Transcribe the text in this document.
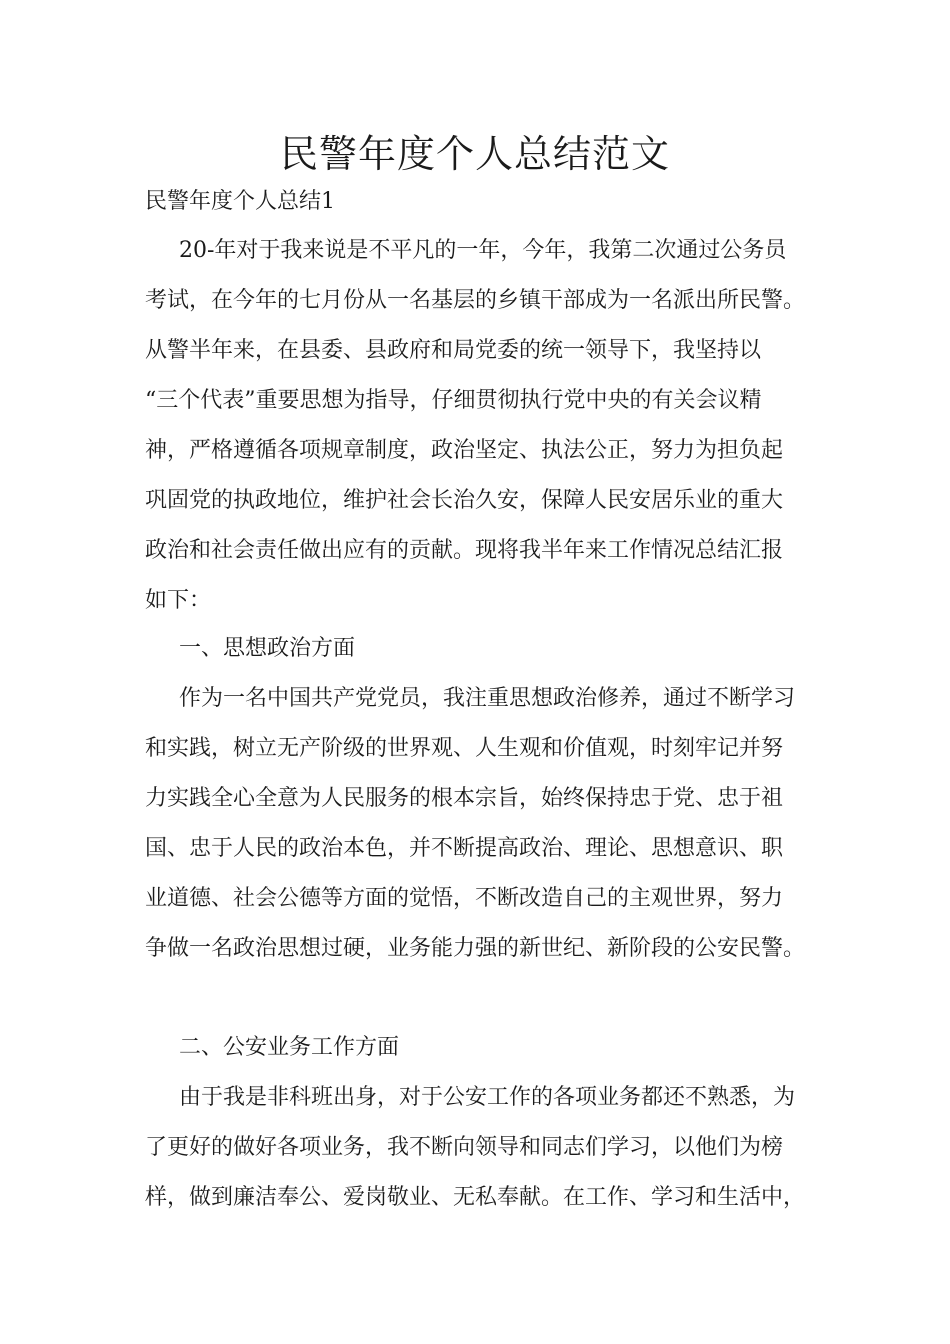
民警年度个人总结范文

民警年度个人总结1

20-年对于我来说是不平凡的一年，今年，我第二次通过公务员

考试，在今年的七月份从一名基层的乡镇干部成为一名派出所民警。

从警半年来，在县委、县政府和局党委的统一领导下，我坚持以

“三个代表”重要思想为指导，仔细贯彻执行党中央的有关会议精

神，严格遵循各项规章制度，政治坚定、执法公正，努力为担负起

巩固党的执政地位，维护社会长治久安，保障人民安居乐业的重大

政治和社会责任做出应有的贡献。现将我半年来工作情况总结汇报

如下：

一、思想政治方面

作为一名中国共产党党员，我注重思想政治修养，通过不断学习

和实践，树立无产阶级的世界观、人生观和价值观，时刻牢记并努

力实践全心全意为人民服务的根本宗旨，始终保持忠于党、忠于祖

国、忠于人民的政治本色，并不断提高政治、理论、思想意识、职

业道德、社会公德等方面的觉悟，不断改造自己的主观世界，努力

争做一名政治思想过硬，业务能力强的新世纪、新阶段的公安民警。

二、公安业务工作方面

由于我是非科班出身，对于公安工作的各项业务都还不熟悉，为

了更好的做好各项业务，我不断向领导和同志们学习，以他们为榜

样，做到廉洁奉公、爱岗敬业、无私奉献。在工作、学习和生活中，
